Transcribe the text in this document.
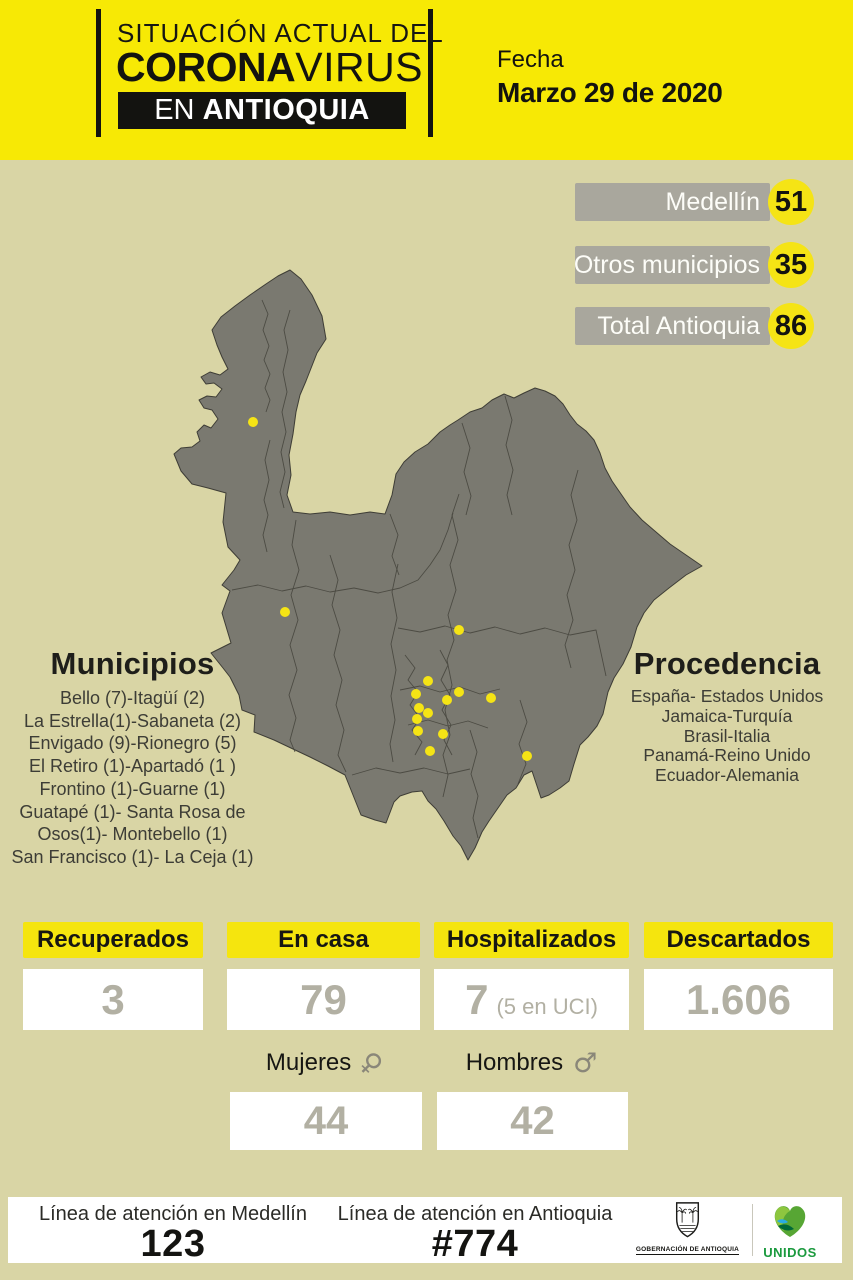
SITUACIÓN ACTUAL DEL
CORONAVIRUS
EN ANTIOQUIA
Fecha
Marzo 29 de 2020
Medellín 51
Otros municipios 35
Total Antioquia 86
Municipios
Bello (7)-Itagüí (2)
La Estrella(1)-Sabaneta (2)
Envigado (9)-Rionegro (5)
El Retiro (1)-Apartadó (1 )
Frontino (1)-Guarne (1)
Guatapé (1)- Santa Rosa de
Osos(1)- Montebello (1)
San Francisco (1)- La Ceja (1)
Procedencia
España- Estados Unidos
Jamaica-Turquía
Brasil-Italia
Panamá-Reino Unido
Ecuador-Alemania
Recuperados
3
En casa
79
Hospitalizados
7 (5 en UCI)
Descartados
1.606
Mujeres ♀	Hombres ♂
44	42
Línea de atención en Medellín
123
Línea de atención en Antioquia
#774	GOBERNACIÓN DE ANTIOQUIA	UNIDOS
